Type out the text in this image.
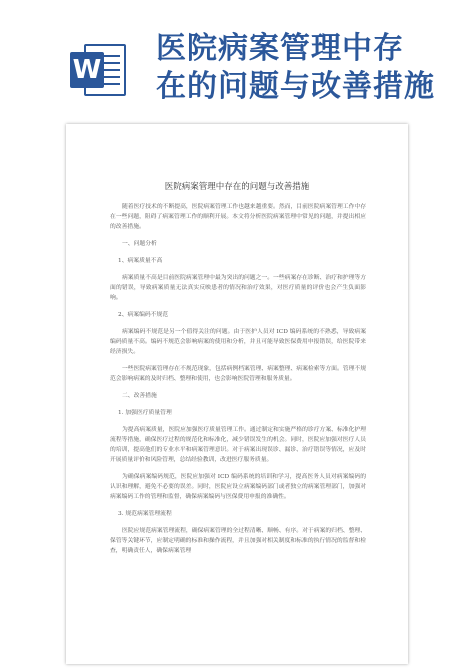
W
医院病案管理中存
在的问题与改善措施
医院病案管理中存在的问题与改善措施

随着医疗技术的不断提高，医院病案管理工作也越来越重要。然而，目前医院病案管理工作中存在一些问题，阻碍了病案管理工作的顺利开展。本文将分析医院病案管理中常见的问题，并提出相应的改善措施。

一、问题分析
1、病案质量不高

病案质量不高是目前医院病案管理中最为突出的问题之一。一些病案存在诊断、治疗和护理等方面的错误，导致病案质量无法真实反映患者的情况和治疗效果，对医疗质量的评价也会产生负面影响。

2、病案编码不规范

病案编码不规范是另一个值得关注的问题。由于医护人员对 ICD 编码系统的不熟悉，导致病案编码质量不高。编码不规范会影响病案的使用和分析，并且可能导致医保费用申报错误，给医院带来经济损失。

一些医院病案管理存在不规范现象，包括病例档案管理、病案整理、病案检索等方面。管理不规范会影响病案的及时归档、整理和使用，也会影响医院管理和服务质量。

二、改善措施
1. 加强医疗质量管理

为提高病案质量，医院应加强医疗质量管理工作。通过制定和实施严格的诊疗方案、标准化护理流程等措施，确保医疗过程的规范化和标准化，减少错误发生的机会。同时，医院应加强对医疗人员的培训，提高他们的专业水平和病案管理意识。对于病案出现误诊、漏诊、治疗错误等情况，应及时开展质量评价和风险管理，总结经验教训，改进医疗服务质量。

为确保病案编码规范，医院应加强对 ICD 编码系统的培训和学习，提高医务人员对病案编码的认识和理解，避免不必要的误差。同时，医院应设立病案编码部门或者独立的病案管理部门，加强对病案编码工作的管理和监督，确保病案编码与医保费用申报的准确性。

3. 规范病案管理流程

医院应规范病案管理流程，确保病案管理的全过程清晰、顺畅、有序。对于病案的归档、整理、保管等关键环节，应制定明确的标准和操作流程，并且加强对相关制度和标准的执行情况的监督和检查，明确责任人，确保病案管理
